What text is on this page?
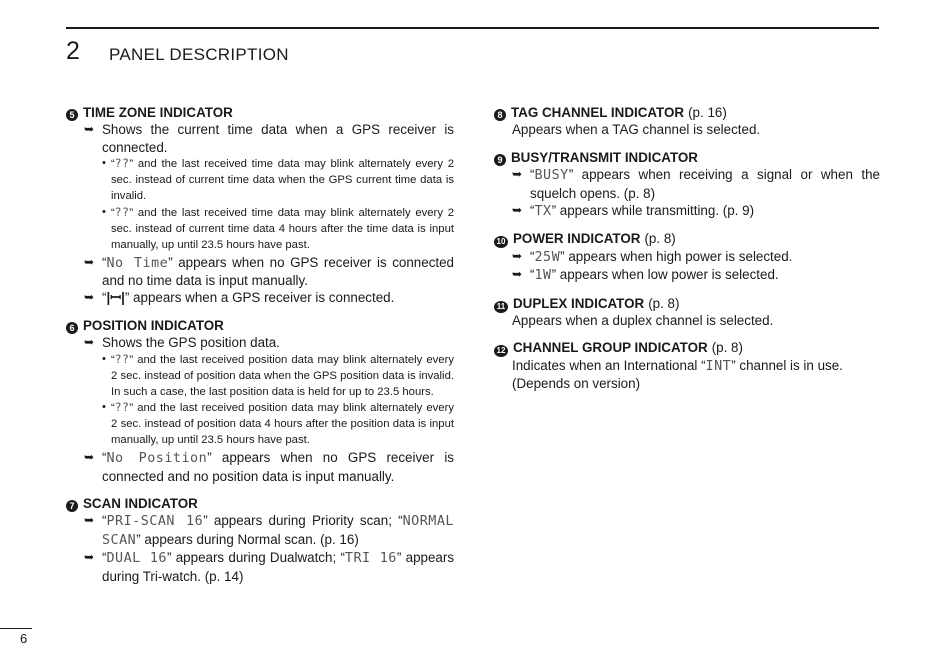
2 PANEL DESCRIPTION
5 TIME ZONE INDICATOR
➥ Shows the current time data when a GPS receiver is connected.
• “??” and the last received time data may blink alternately every 2 sec. instead of current time data when the GPS current time data is invalid.
• “??” and the last received time data may blink alternately every 2 sec. instead of current time data 4 hours after the time data is input manually, up until 23.5 hours have past.
➥ “No Time” appears when no GPS receiver is connected and no time data is input manually.
➥ “|ꟷ|” appears when a GPS receiver is connected.
6 POSITION INDICATOR
➥ Shows the GPS position data.
• “??” and the last received position data may blink alternately every 2 sec. instead of position data when the GPS position data is invalid. In such a case, the last position data is held for up to 23.5 hours.
• “??” and the last received position data may blink alternately every 2 sec. instead of position data 4 hours after the position data is input manually, up until 23.5 hours have past.
➥ “No Position” appears when no GPS receiver is connected and no position data is input manually.
7 SCAN INDICATOR
➥ “PRI-SCAN 16” appears during Priority scan; “NORMAL SCAN” appears during Normal scan. (p. 16)
➥ “DUAL 16” appears during Dualwatch; “TRI 16” appears during Tri-watch. (p. 14)
8 TAG CHANNEL INDICATOR (p. 16)
Appears when a TAG channel is selected.
9 BUSY/TRANSMIT INDICATOR
➥ “BUSY” appears when receiving a signal or when the squelch opens. (p. 8)
➥ “TX” appears while transmitting. (p. 9)
10 POWER INDICATOR (p. 8)
➥ “25W” appears when high power is selected.
➥ “1W” appears when low power is selected.
11 DUPLEX INDICATOR (p. 8)
Appears when a duplex channel is selected.
12 CHANNEL GROUP INDICATOR (p. 8)
Indicates when an International “INT” channel is in use. (Depends on version)
6
